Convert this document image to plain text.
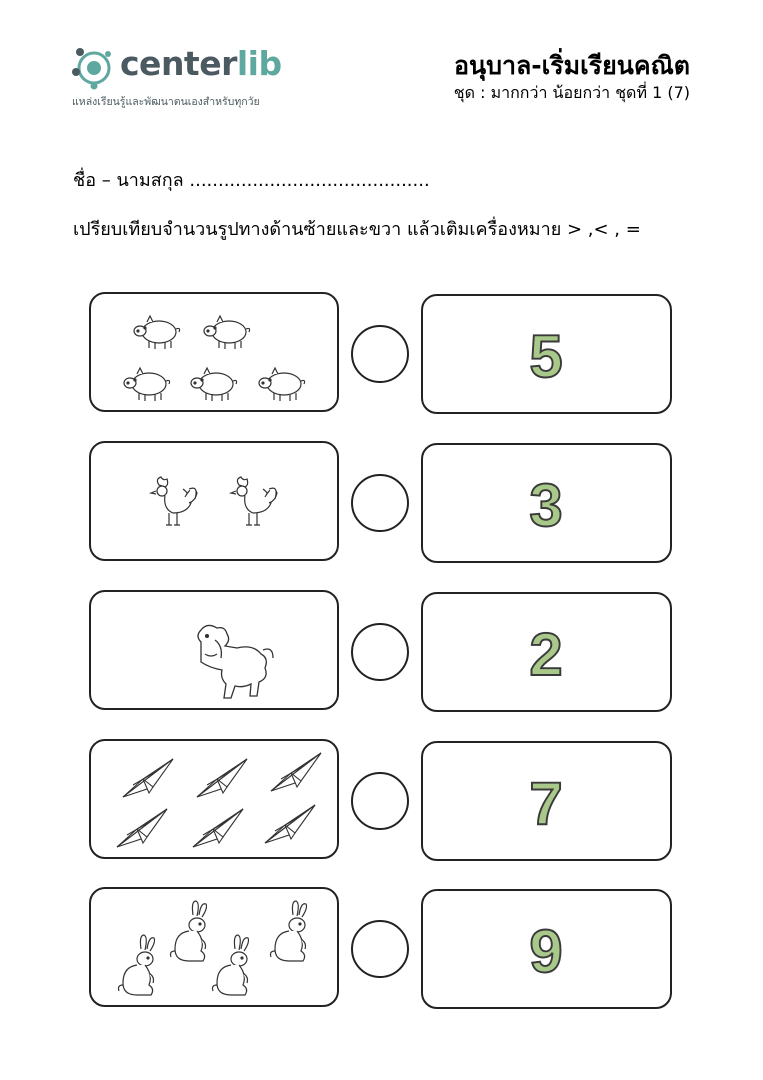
centerlib
แหล่งเรียนรู้และพัฒนาตนเองสำหรับทุกวัย
อนุบาล-เริ่มเรียนคณิต
ชุด : มากกว่า น้อยกว่า ชุดที่ 1 (7)
ชื่อ – นามสกุล ..........................................
เปรียบเทียบจำนวนรูปทางด้านซ้ายและขวา แล้วเติมเครื่องหมาย > ,< , =
5
3
2
7
9
